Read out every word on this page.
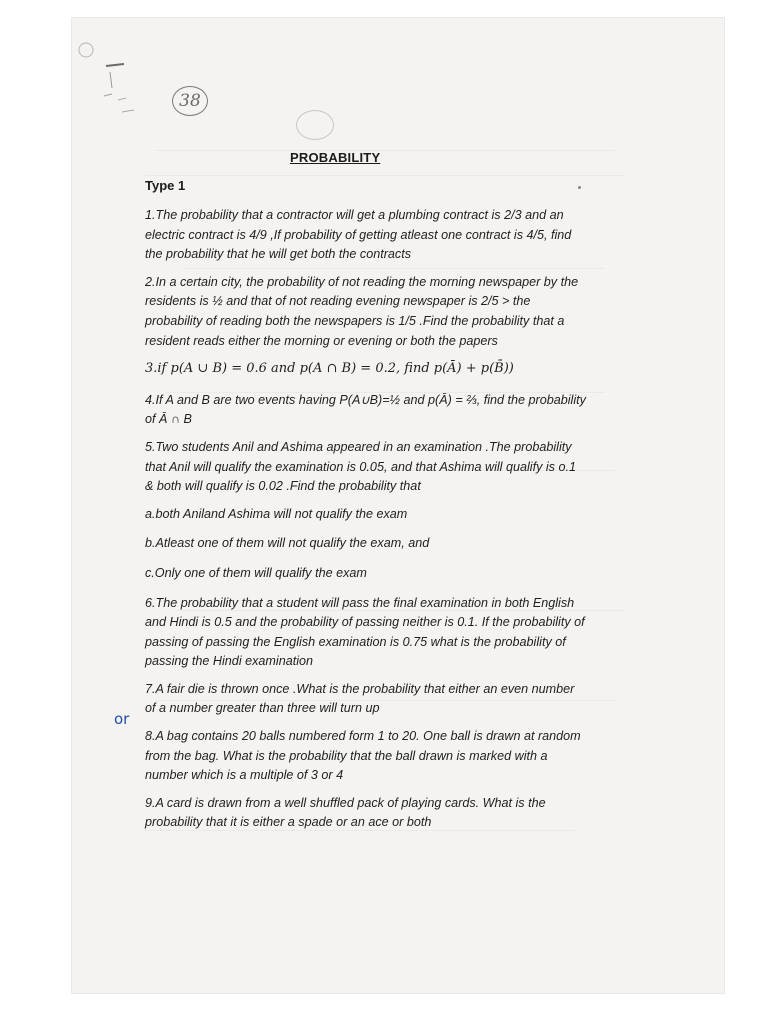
38
PROBABILITY
Type 1
1.The probability that a contractor will get a plumbing contract is 2/3 and an
electric contract is 4/9 ,If probability of getting atleast one contract is 4/5, find
the probability that he will get both the contracts
2.In a certain city, the probability of not reading the morning newspaper by the
residents is ½ and that of not reading evening newspaper is 2/5 > the
probability of reading both the newspapers is 1/5 .Find the probability that a
resident reads either the morning or evening or both the papers
3.if p(A ∪ B) = 0.6 and p(A ∩ B) = 0.2, find p(Ā) + p(B̄))
4.If A and B are two events having P(A∪B)=½ and p(Ā) = ⅔, find the probability
of Ā ∩ B
5.Two students Anil and Ashima appeared in an examination .The probability
that Anil will qualify the examination is 0.05, and that Ashima will qualify is o.1
& both will qualify is 0.02 .Find the probability that
a.both Aniland Ashima will not qualify the exam
b.Atleast one of them will not qualify the exam, and
c.Only one of them will qualify the exam
6.The probability that a student will pass the final examination in both English
and Hindi is 0.5 and the probability of passing neither is 0.1. If the probability of
passing of passing the English examination is 0.75 what is the probability of
passing the Hindi examination
7.A fair die is thrown once .What is the probability that either an even number
of a number greater than three will turn up
8.A bag contains 20 balls numbered form 1 to 20. One ball is drawn at random
from the bag. What is the probability that the ball drawn is marked with a
number which is a multiple of 3 or 4
9.A card is drawn from a well shuffled pack of playing cards. What is the
probability that it is either a spade or an ace or both
or
